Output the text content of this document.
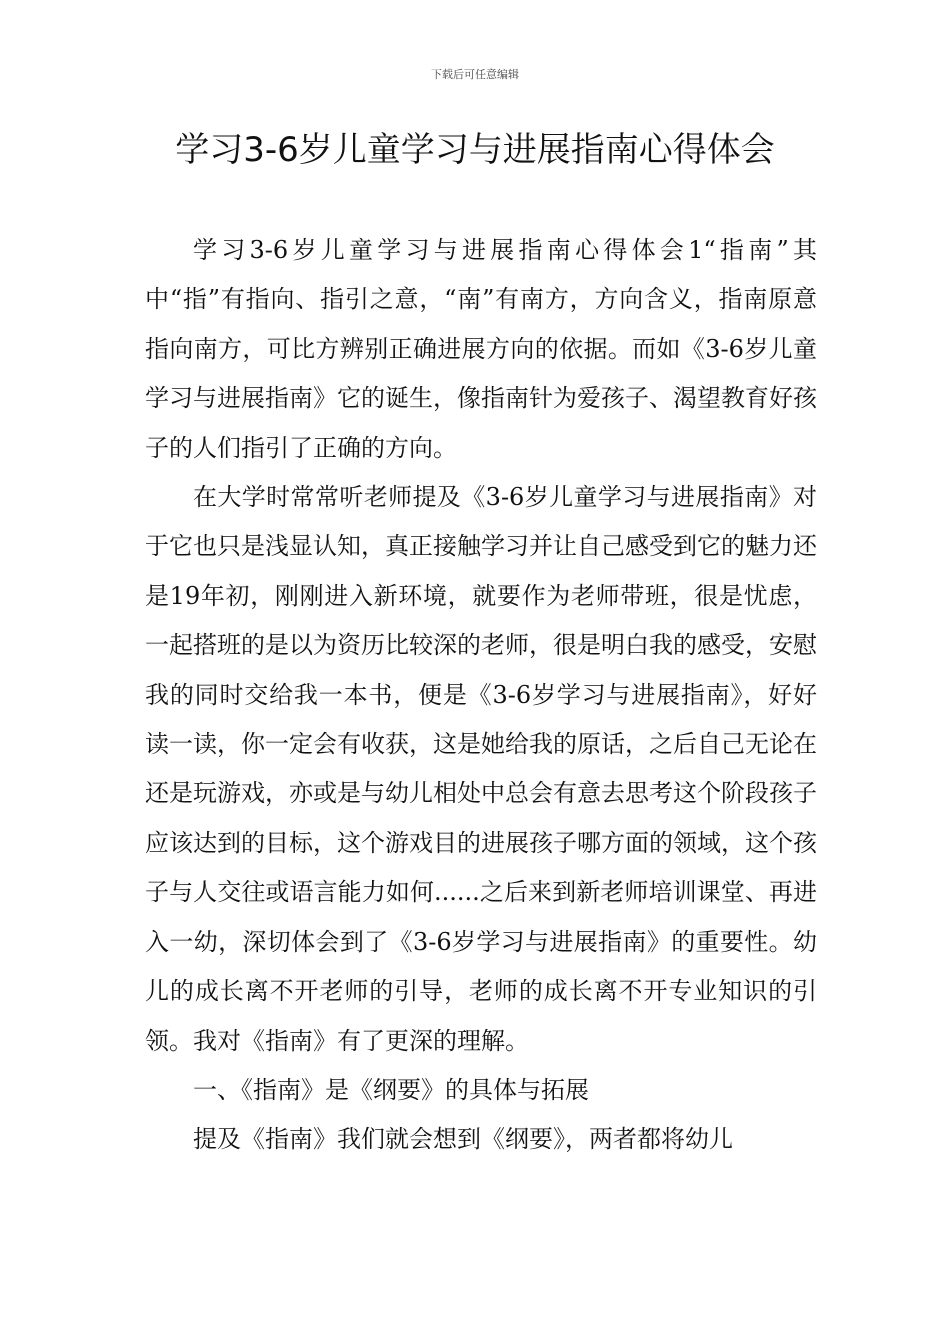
下载后可任意编辑
学习3-6岁儿童学习与进展指南心得体会

学习3-6岁儿童学习与进展指南心得体会1“指南”其中“指”有指向、指引之意，“南”有南方，方向含义，指南原意指向南方，可比方辨别正确进展方向的依据。而如《3-6岁儿童学习与进展指南》它的诞生，像指南针为爱孩子、渴望教育好孩子的人们指引了正确的方向。

在大学时常常听老师提及《3-6岁儿童学习与进展指南》对于它也只是浅显认知，真正接触学习并让自己感受到它的魅力还是19年初，刚刚进入新环境，就要作为老师带班，很是忧虑，一起搭班的是以为资历比较深的老师，很是明白我的感受，安慰我的同时交给我一本书，便是《3-6岁学习与进展指南》，好好读一读，你一定会有收获，这是她给我的原话，之后自己无论在还是玩游戏，亦或是与幼儿相处中总会有意去思考这个阶段孩子应该达到的目标，这个游戏目的进展孩子哪方面的领域，这个孩子与人交往或语言能力如何......之后来到新老师培训课堂、再进入一幼，深切体会到了《3-6岁学习与进展指南》的重要性。幼儿的成长离不开老师的引导，老师的成长离不开专业知识的引领。我对《指南》有了更深的理解。

一、《指南》是《纲要》的具体与拓展

提及《指南》我们就会想到《纲要》，两者都将幼儿
